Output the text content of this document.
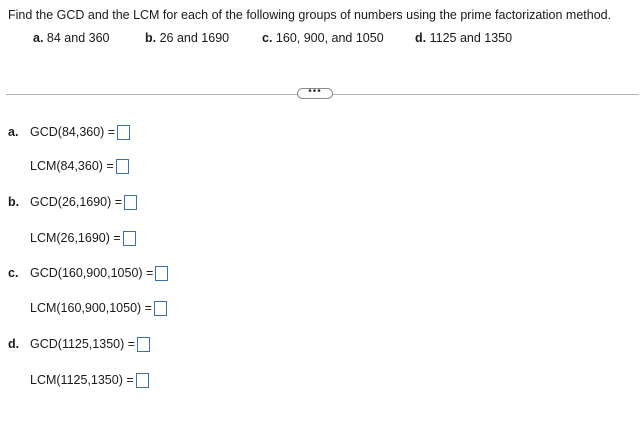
Find the GCD and the LCM for each of the following groups of numbers using the prime factorization method.
a. 84 and 360	b. 26 and 1690	c. 160, 900, and 1050	d. 1125 and 1350
•••
a. GCD(84,360) =
LCM(84,360) =
b. GCD(26,1690) =
LCM(26,1690) =
c. GCD(160,900,1050) =
LCM(160,900,1050) =
d. GCD(1125,1350) =
LCM(1125,1350) =
